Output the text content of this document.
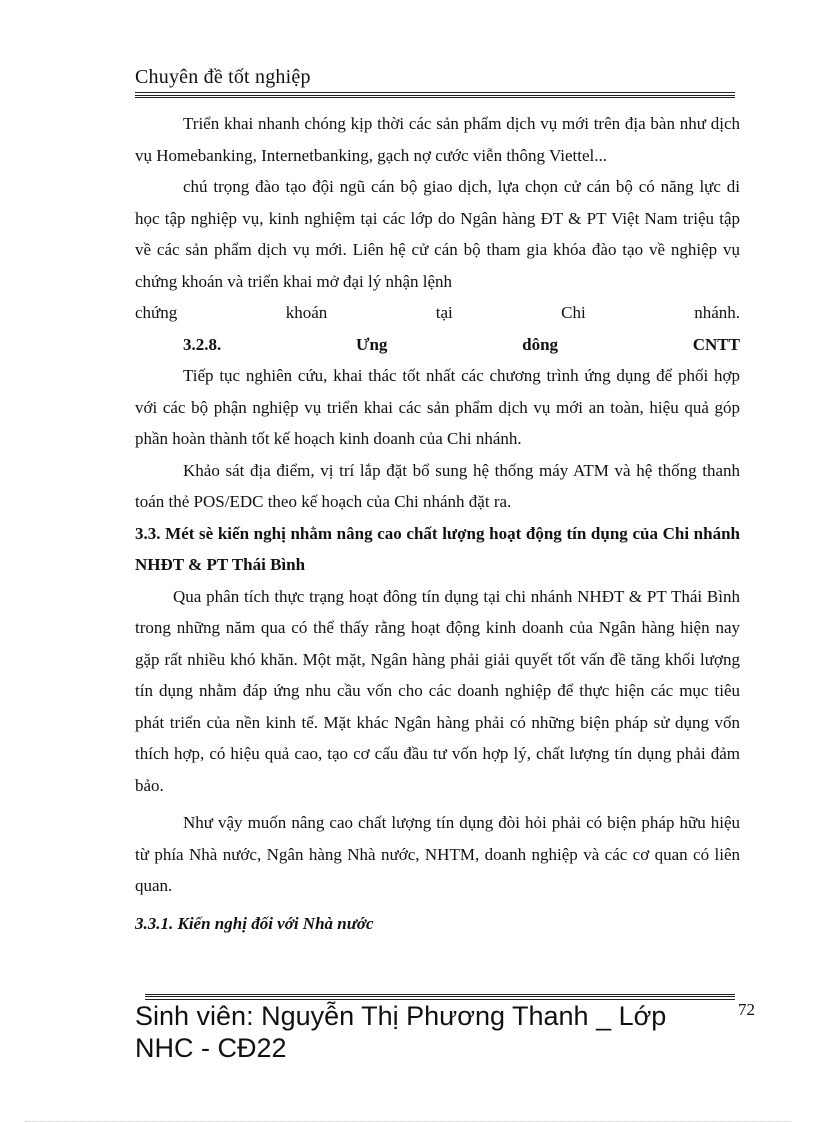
Chuyên đề tốt nghiệp

Triển khai nhanh chóng kịp thời các sản phẩm dịch vụ mới trên địa bàn như dịch vụ Homebanking, Internetbanking, gạch nợ cước viễn thông Viettel...

chú trọng đào tạo đội ngũ cán bộ giao dịch, lựa chọn cử cán bộ có năng lực di học tập nghiệp vụ, kinh nghiệm tại các lớp do Ngân hàng ĐT & PT Việt Nam triệu tập về các sản phẩm dịch vụ mới. Liên hệ cử cán bộ tham gia khóa đào tạo về nghiệp vụ chứng khoán và triển khai mở đại lý nhận lệnh

chứng khoán tại Chi nhánh.

3.2.8.	Ưng	dông	CNTT

Tiếp tục nghiên cứu, khai thác tốt nhất các chương trình ứng dụng để phối hợp với các bộ phận nghiệp vụ triển khai các sản phẩm dịch vụ mới an toàn, hiệu quả góp phần hoàn thành tốt kế hoạch kinh doanh của Chi nhánh.

Khảo sát địa điểm, vị trí lắp đặt bổ sung hệ thống máy ATM và hệ thống thanh toán thẻ POS/EDC theo kế hoạch của Chi nhánh đặt ra.

3.3. Mét sè kiến nghị nhằm nâng cao chất lượng hoạt động tín dụng của Chi nhánh NHĐT & PT Thái Bình

Qua phân tích thực trạng hoạt đông tín dụng tại chi nhánh NHĐT & PT Thái Bình trong những năm qua có thể thấy rằng hoạt động kinh doanh của Ngân hàng hiện nay gặp rất nhiều khó khăn. Một mặt, Ngân hàng phải giải quyết tốt vấn đề tăng khối lượng tín dụng nhằm đáp ứng nhu cầu vốn cho các doanh nghiệp để thực hiện các mục tiêu phát triển của nền kinh tế. Mặt khác Ngân hàng phải có những biện pháp sử dụng vốn thích hợp, có hiệu quả cao, tạo cơ cấu đầu tư vốn hợp lý, chất lượng tín dụng phải đảm bảo.

Như vậy muốn nâng cao chất lượng tín dụng đòi hỏi phải có biện pháp hữu hiệu từ phía Nhà nước, Ngân hàng Nhà nước, NHTM, doanh nghiệp và các cơ quan có liên quan.

3.3.1. Kiến nghị đối với Nhà nước

Sinh viên: Nguyễn Thị Phương Thanh _ Lớp NHC - CĐ22
72
